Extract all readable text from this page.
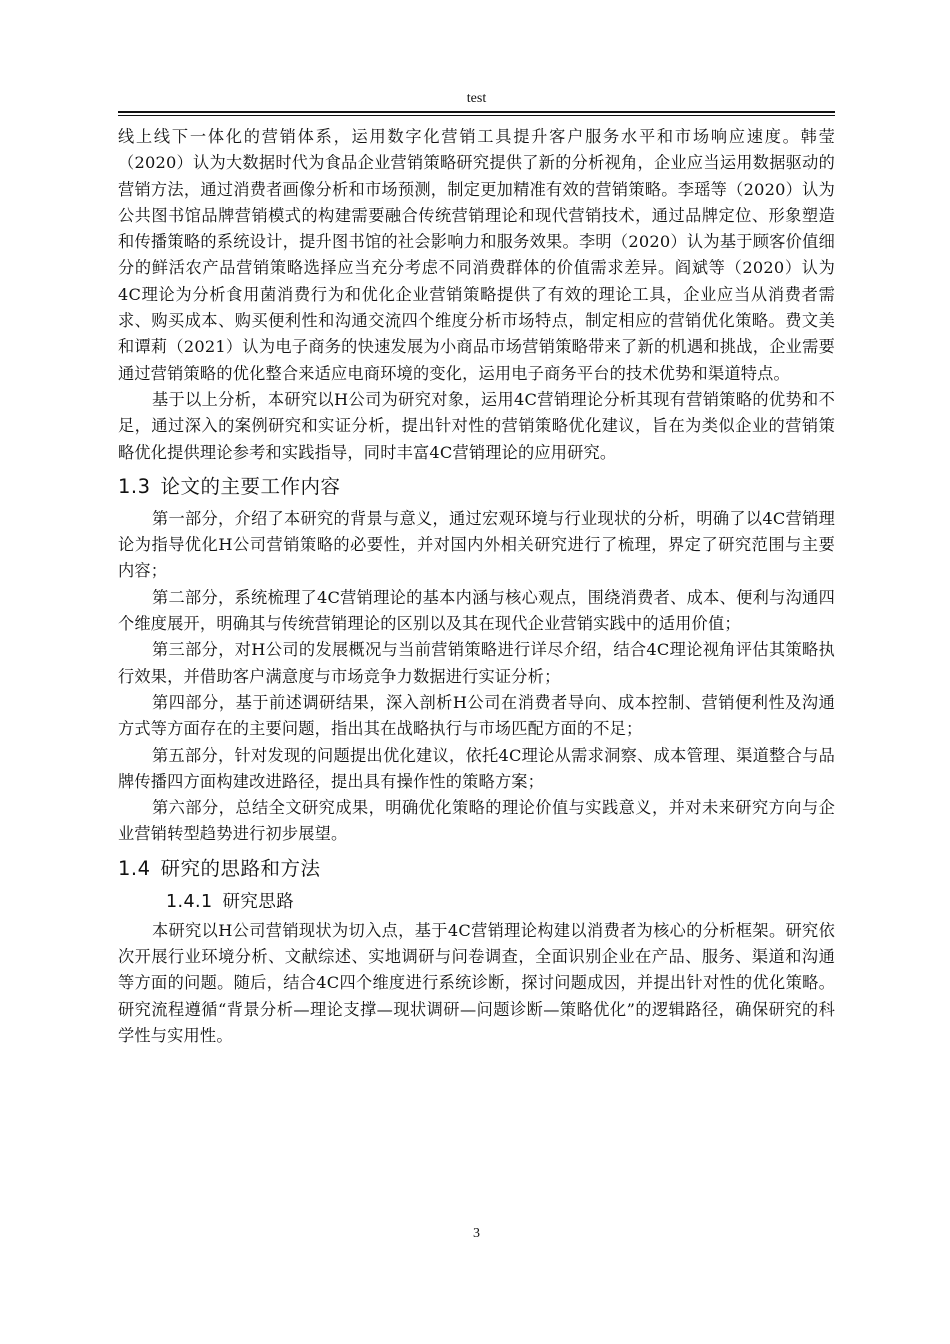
test

线上线下一体化的营销体系，运用数字化营销工具提升客户服务水平和市场响应速度。韩莹（2020）认为大数据时代为食品企业营销策略研究提供了新的分析视角，企业应当运用数据驱动的营销方法，通过消费者画像分析和市场预测，制定更加精准有效的营销策略。李瑶等（2020）认为公共图书馆品牌营销模式的构建需要融合传统营销理论和现代营销技术，通过品牌定位、形象塑造和传播策略的系统设计，提升图书馆的社会影响力和服务效果。李明（2020）认为基于顾客价值细分的鲜活农产品营销策略选择应当充分考虑不同消费群体的价值需求差异。阎斌等（2020）认为4C理论为分析食用菌消费行为和优化企业营销策略提供了有效的理论工具，企业应当从消费者需求、购买成本、购买便利性和沟通交流四个维度分析市场特点，制定相应的营销优化策略。费文美和谭莉（2021）认为电子商务的快速发展为小商品市场营销策略带来了新的机遇和挑战，企业需要通过营销策略的优化整合来适应电商环境的变化，运用电子商务平台的技术优势和渠道特点。

基于以上分析，本研究以H公司为研究对象，运用4C营销理论分析其现有营销策略的优势和不足，通过深入的案例研究和实证分析，提出针对性的营销策略优化建议，旨在为类似企业的营销策略优化提供理论参考和实践指导，同时丰富4C营销理论的应用研究。

1.3 论文的主要工作内容

第一部分，介绍了本研究的背景与意义，通过宏观环境与行业现状的分析，明确了以4C营销理论为指导优化H公司营销策略的必要性，并对国内外相关研究进行了梳理，界定了研究范围与主要内容；

第二部分，系统梳理了4C营销理论的基本内涵与核心观点，围绕消费者、成本、便利与沟通四个维度展开，明确其与传统营销理论的区别以及其在现代企业营销实践中的适用价值；

第三部分，对H公司的发展概况与当前营销策略进行详尽介绍，结合4C理论视角评估其策略执行效果，并借助客户满意度与市场竞争力数据进行实证分析；

第四部分，基于前述调研结果，深入剖析H公司在消费者导向、成本控制、营销便利性及沟通方式等方面存在的主要问题，指出其在战略执行与市场匹配方面的不足；

第五部分，针对发现的问题提出优化建议，依托4C理论从需求洞察、成本管理、渠道整合与品牌传播四方面构建改进路径，提出具有操作性的策略方案；

第六部分，总结全文研究成果，明确优化策略的理论价值与实践意义，并对未来研究方向与企业营销转型趋势进行初步展望。

1.4 研究的思路和方法
1.4.1 研究思路

本研究以H公司营销现状为切入点，基于4C营销理论构建以消费者为核心的分析框架。研究依次开展行业环境分析、文献综述、实地调研与问卷调查，全面识别企业在产品、服务、渠道和沟通等方面的问题。随后，结合4C四个维度进行系统诊断，探讨问题成因，并提出针对性的优化策略。研究流程遵循“背景分析—理论支撑—现状调研—问题诊断—策略优化”的逻辑路径，确保研究的科学性与实用性。

3
